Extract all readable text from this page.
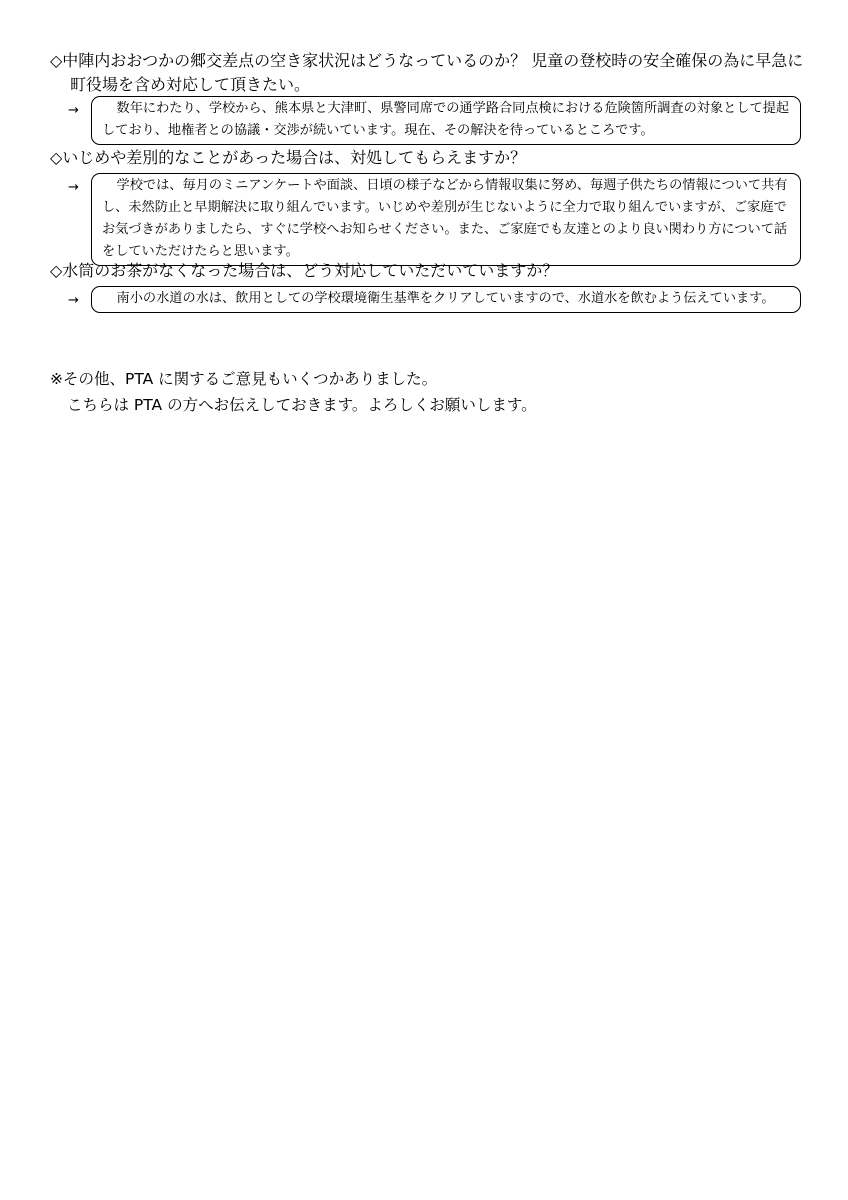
◇中陣内おおつかの郷交差点の空き家状況はどうなっているのか？ 児童の登校時の安全確保の為に早急に町役場を含め対応して頂きたい。
→	数年にわたり、学校から、熊本県と大津町、県警同席での通学路合同点検における危険箇所調査の対象として提起しており、地権者との協議・交渉が続いています。現在、その解決を待っているところです。
◇いじめや差別的なことがあった場合は、対処してもらえますか？
→	学校では、毎月のミニアンケートや面談、日頃の様子などから情報収集に努め、毎週子供たちの情報について共有し、未然防止と早期解決に取り組んでいます。いじめや差別が生じないように全力で取り組んでいますが、ご家庭でお気づきがありましたら、すぐに学校へお知らせください。また、ご家庭でも友達とのより良い関わり方について話をしていただけたらと思います。
◇水筒のお茶がなくなった場合は、どう対応していただいていますか？
→	南小の水道の水は、飲用としての学校環境衛生基準をクリアしていますので、水道水を飲むよう伝えています。
※その他、PTA に関するご意見もいくつかありました。
こちらは PTA の方へお伝えしておきます。よろしくお願いします。
